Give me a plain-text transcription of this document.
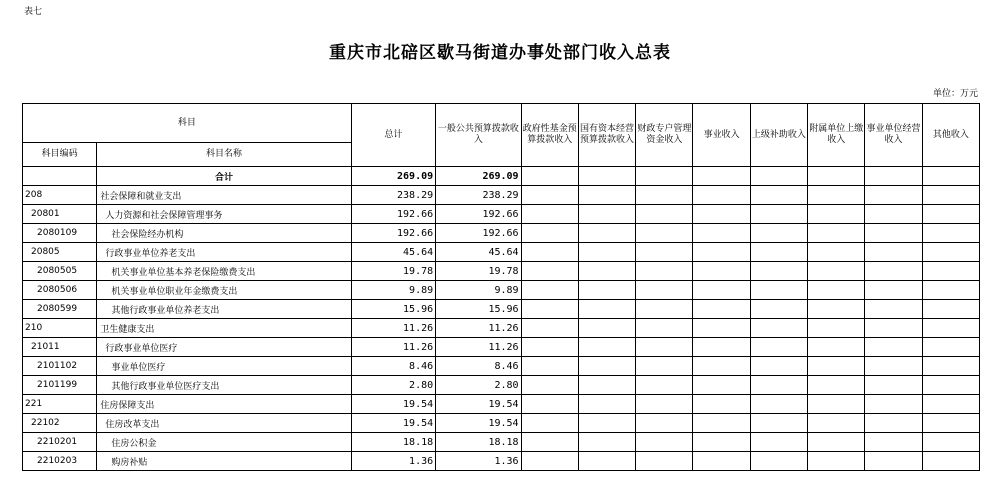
表七
重庆市北碚区歇马街道办事处部门收入总表
单位：万元
科目		总计	一般公共预算拨款收入	政府性基金预算拨款收入	国有资本经营预算拨款收入	财政专户管理资金收入	事业收入	上级补助收入	附属单位上缴收入	事业单位经营收入	其他收入
科目编码	科目名称										
	合计	269.09	269.09								
208	社会保障和就业支出	238.29	238.29								
20801	人力资源和社会保障管理事务	192.66	192.66								
2080109	社会保险经办机构	192.66	192.66								
20805	行政事业单位养老支出	45.64	45.64								
2080505	机关事业单位基本养老保险缴费支出	19.78	19.78								
2080506	机关事业单位职业年金缴费支出	9.89	9.89								
2080599	其他行政事业单位养老支出	15.96	15.96								
210	卫生健康支出	11.26	11.26								
21011	行政事业单位医疗	11.26	11.26								
2101102	事业单位医疗	8.46	8.46								
2101199	其他行政事业单位医疗支出	2.80	2.80								
221	住房保障支出	19.54	19.54								
22102	住房改革支出	19.54	19.54								
2210201	住房公积金	18.18	18.18								
2210203	购房补贴	1.36	1.36								
